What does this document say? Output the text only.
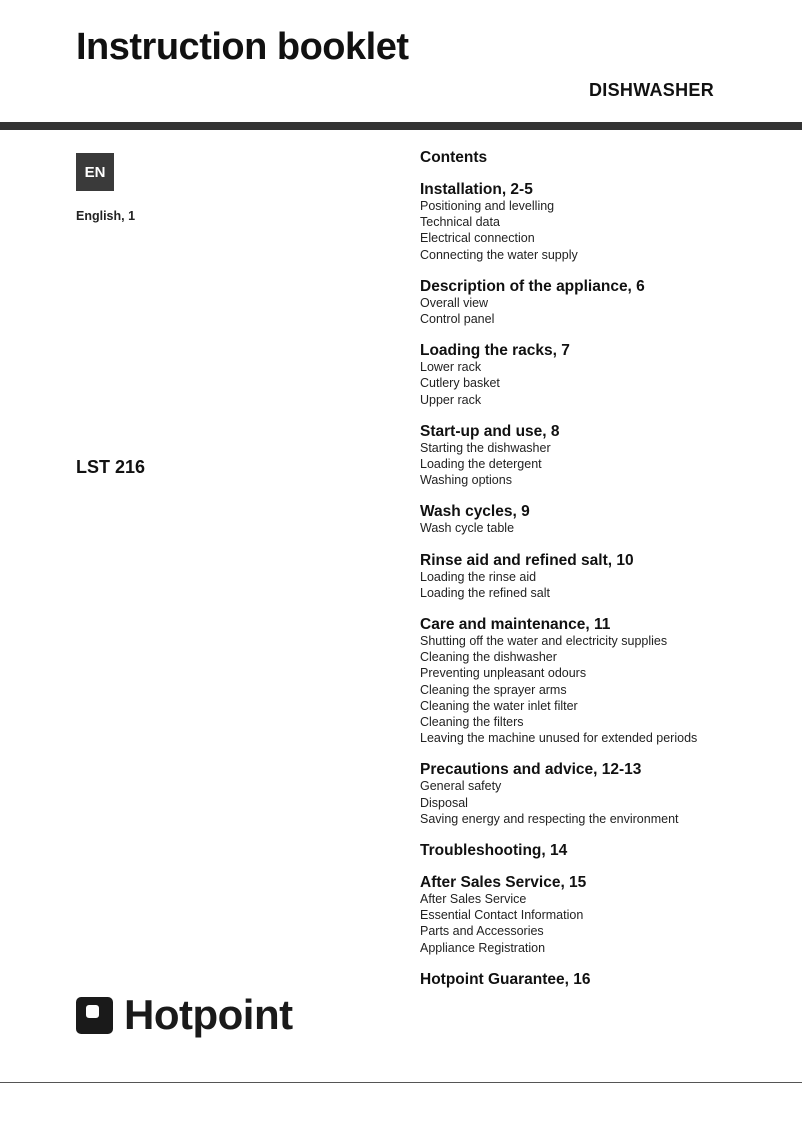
Instruction booklet
DISHWASHER
EN
English, 1
LST 216
Hotpoint
Contents
Installation, 2-5
Positioning and levelling
Technical data
Electrical connection
Connecting the water supply
Description of the appliance, 6
Overall view
Control panel
Loading the racks, 7
Lower rack
Cutlery basket
Upper rack
Start-up and use, 8
Starting the dishwasher
Loading the detergent
Washing options
Wash cycles, 9
Wash cycle table
Rinse aid and refined salt, 10
Loading the rinse aid
Loading the refined salt
Care and maintenance, 11
Shutting off the water and electricity supplies
Cleaning the dishwasher
Preventing unpleasant odours
Cleaning the sprayer arms
Cleaning the water inlet filter
Cleaning the filters
Leaving the machine unused for extended periods
Precautions and advice, 12-13
General safety
Disposal
Saving energy and respecting the environment
Troubleshooting, 14
After Sales Service, 15
After Sales Service
Essential Contact Information
Parts and Accessories
Appliance Registration
Hotpoint Guarantee, 16
